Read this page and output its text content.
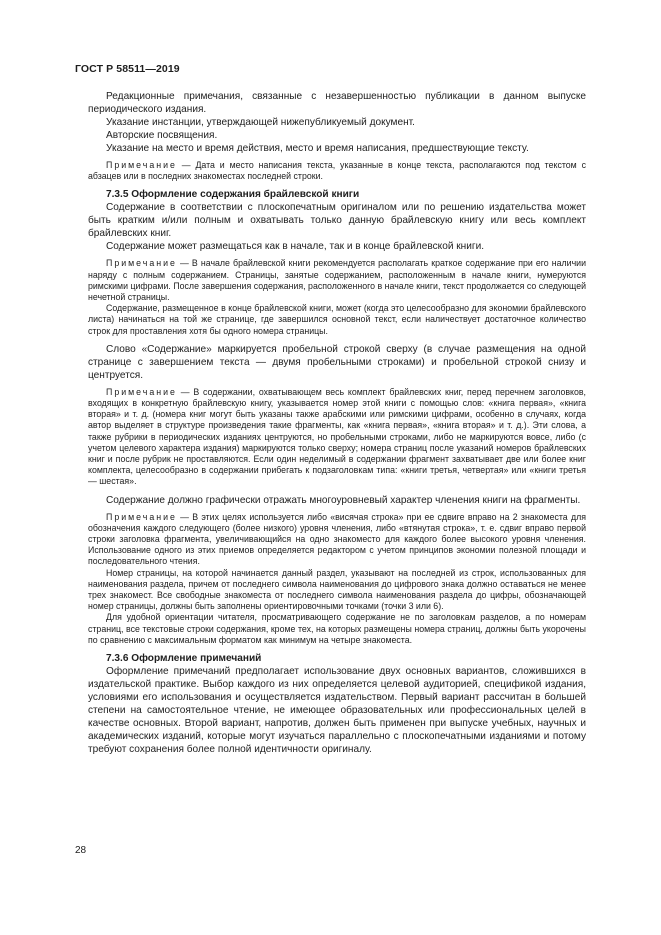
ГОСТ Р 58511—2019

Редакционные примечания, связанные с незавершенностью публикации в данном выпуске периодического издания.

Указание инстанции, утверждающей нижепубликуемый документ.

Авторские посвящения.

Указание на место и время действия, место и время написания, предшествующие тексту.

Примечание — Дата и место написания текста, указанные в конце текста, располагаются под текстом с абзацев или в последних знакоместах последней строки.

7.3.5 Оформление содержания брайлевской книги

Содержание в соответствии с плоскопечатным оригиналом или по решению издательства может быть кратким и/или полным и охватывать только данную брайлевскую книгу или весь комплект брайлевских книг.

Содержание может размещаться как в начале, так и в конце брайлевской книги.

Примечание — В начале брайлевской книги рекомендуется располагать краткое содержание при его наличии наряду с полным содержанием. Страницы, занятые содержанием, расположенным в начале книги, нумеруются римскими цифрами. После завершения содержания, расположенного в начале книги, текст продолжается со следующей нечетной страницы.

Содержание, размещенное в конце брайлевской книги, может (когда это целесообразно для экономии брайлевского листа) начинаться на той же странице, где завершился основной текст, если наличествует достаточное количество строк для проставления хотя бы одного номера страницы.

Слово «Содержание» маркируется пробельной строкой сверху (в случае размещения на одной странице с завершением текста — двумя пробельными строками) и пробельной строкой снизу и центруется.

Примечание — В содержании, охватывающем весь комплект брайлевских книг, перед перечнем заголовков, входящих в конкретную брайлевскую книгу, указывается номер этой книги с помощью слов: «книга первая», «книга вторая» и т. д. (номера книг могут быть указаны также арабскими или римскими цифрами, особенно в случаях, когда автор выделяет в структуре произведения такие фрагменты, как «книга первая», «книга вторая» и т. д.). Эти слова, а также рубрики в периодических изданиях центруются, но пробельными строками, либо не маркируются вовсе, либо (с учетом целевого характера издания) маркируются только сверху; номера страниц после указаний номеров брайлевских книг и после рубрик не проставляются. Если один неделимый в содержании фрагмент захватывает две или более книг комплекта, целесообразно в содержании прибегать к подзаголовкам типа: «книги третья, четвертая» или «книги третья — шестая».

Содержание должно графически отражать многоуровневый характер членения книги на фрагменты.

Примечание — В этих целях используется либо «висячая строка» при ее сдвиге вправо на 2 знакоместа для обозначения каждого следующего (более низкого) уровня членения, либо «втянутая строка», т. е. сдвиг вправо первой строки заголовка фрагмента, увеличивающийся на одно знакоместо для каждого более высокого уровня членения. Использование одного из этих приемов определяется редактором с учетом принципов экономии полезной площади и последовательного чтения.

Номер страницы, на которой начинается данный раздел, указывают на последней из строк, использованных для наименования раздела, причем от последнего символа наименования до цифрового знака должно оставаться не менее трех знакомест. Все свободные знакоместа от последнего символа наименования раздела до цифры, обозначающей номер страницы, должны быть заполнены ориентировочными точками (точки 3 или 6).

Для удобной ориентации читателя, просматривающего содержание не по заголовкам разделов, а по номерам страниц, все текстовые строки содержания, кроме тех, на которых размещены номера страниц, должны быть укорочены по сравнению с максимальным форматом как минимум на четыре знакоместа.

7.3.6 Оформление примечаний

Оформление примечаний предполагает использование двух основных вариантов, сложившихся в издательской практике. Выбор каждого из них определяется целевой аудиторией, спецификой издания, условиями его использования и осуществляется издательством. Первый вариант рассчитан в большей степени на самостоятельное чтение, не имеющее образовательных или профессиональных целей в качестве основных. Второй вариант, напротив, должен быть применен при выпуске учебных, научных и академических изданий, которые могут изучаться параллельно с плоскопечатными изданиями и потому требуют сохранения более полной идентичности оригиналу.

28
